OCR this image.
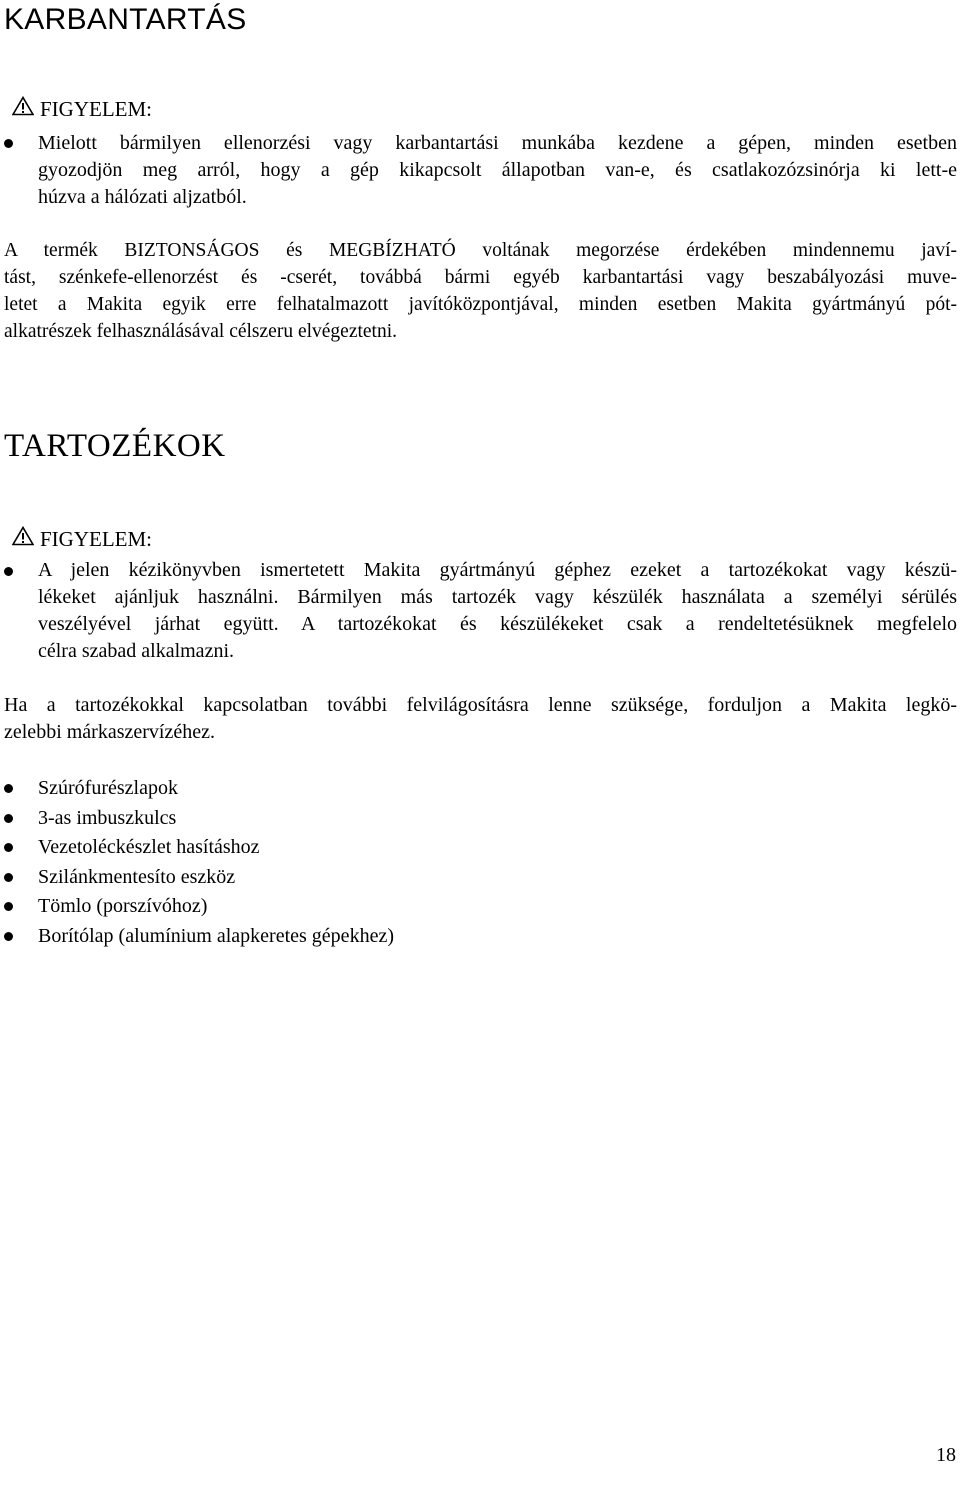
KARBANTARTÁS
FIGYELEM:
Mielott bármilyen ellenorzési vagy karbantartási munkába kezdene a gépen, minden esetben
gyozodjön meg arról, hogy a gép kikapcsolt állapotban van-e, és csatlakozózsinórja ki lett-e
húzva a hálózati aljzatból.
A termék BIZTONSÁGOS és MEGBÍZHATÓ voltának megorzése érdekében mindennemu javí-
tást, szénkefe-ellenorzést és -cserét, továbbá bármi egyéb karbantartási vagy beszabályozási muve-
letet a Makita egyik erre felhatalmazott javítóközpontjával, minden esetben Makita gyártmányú pót-
alkatrészek felhasználásával célszeru elvégeztetni.
TARTOZÉKOK
FIGYELEM:
A jelen kézikönyvben ismertetett Makita gyártmányú géphez ezeket a tartozékokat vagy készü-
lékeket ajánljuk használni. Bármilyen más tartozék vagy készülék használata a személyi sérülés
veszélyével járhat együtt. A tartozékokat és készülékeket csak a rendeltetésüknek megfelelo
célra szabad alkalmazni.
Ha a tartozékokkal kapcsolatban további felvilágosításra lenne szüksége, forduljon a Makita legkö-
zelebbi márkaszervízéhez.
Szúrófurészlapok
3-as imbuszkulcs
Vezetoléckészlet hasításhoz
Szilánkmentesíto eszköz
Tömlo (porszívóhoz)
Borítólap (alumínium alapkeretes gépekhez)
18
